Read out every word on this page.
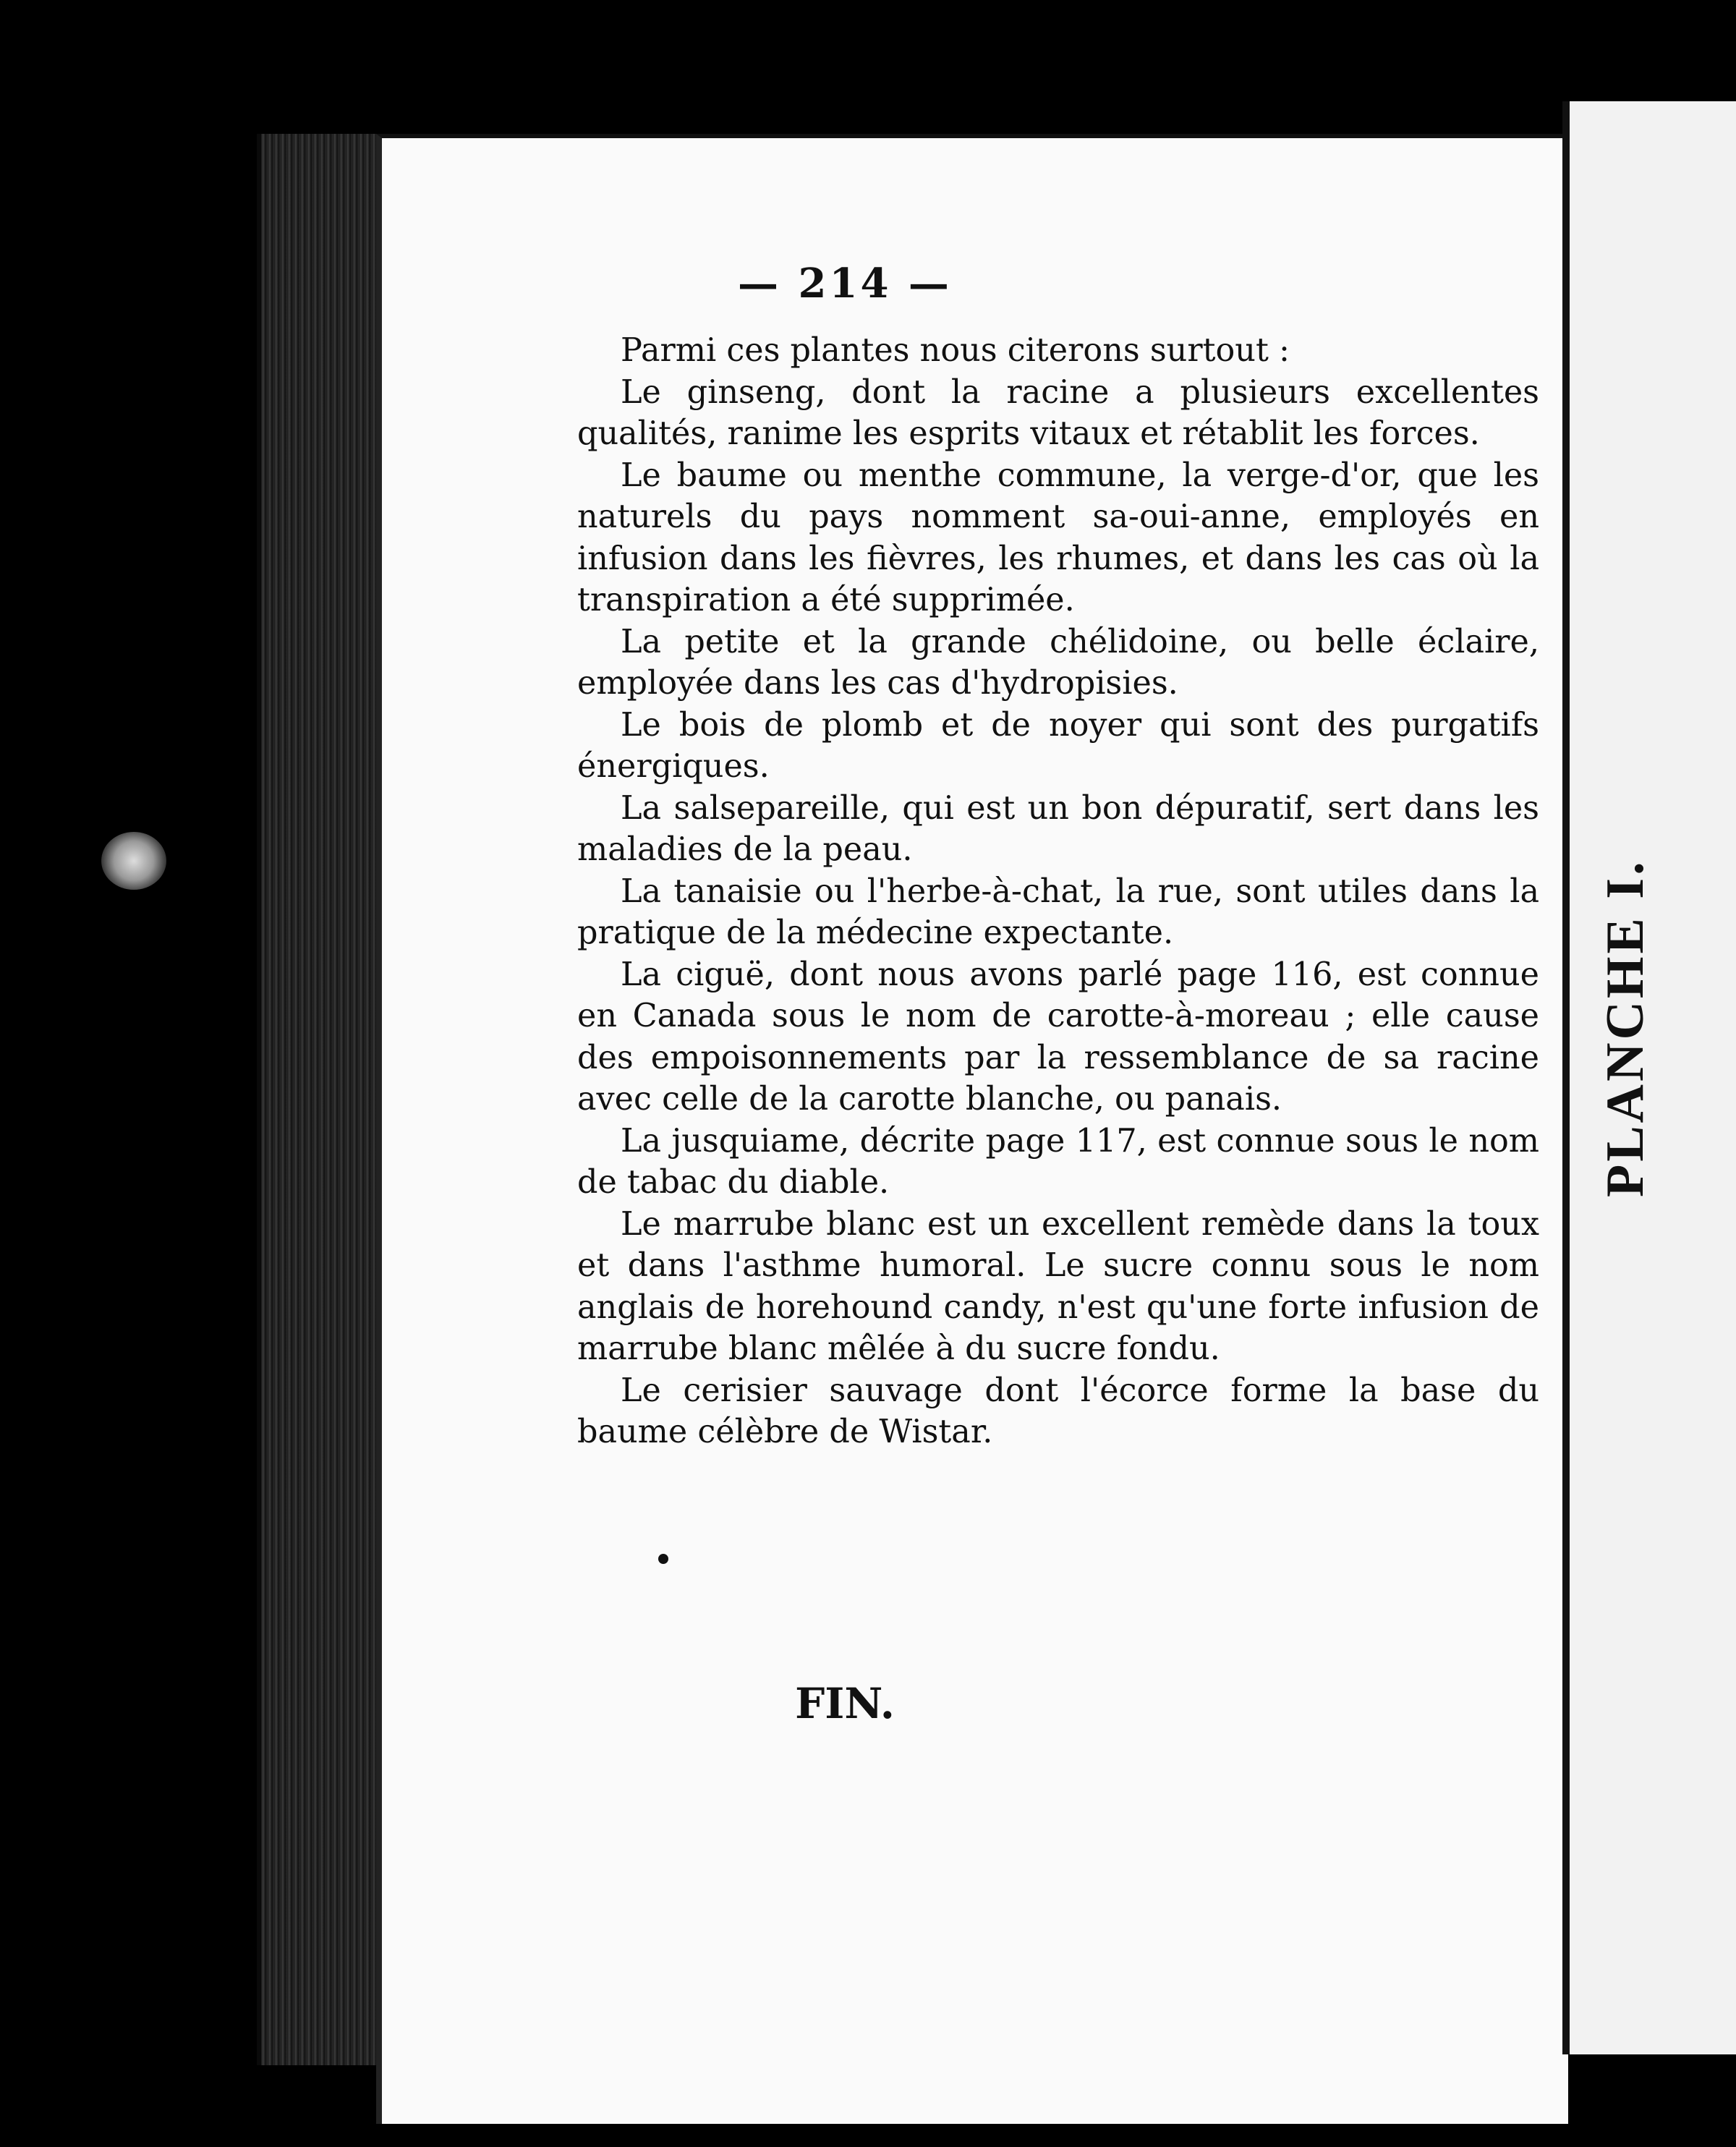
— 214 —

Parmi ces plantes nous citerons surtout :

Le ginseng, dont la racine a plusieurs excellentes qualités, ranime les esprits vitaux et rétablit les forces.

Le baume ou menthe commune, la verge-d'or, que les naturels du pays nomment sa-oui-anne, employés en infusion dans les fièvres, les rhumes, et dans les cas où la transpiration a été supprimée.

La petite et la grande chélidoine, ou belle éclaire, employée dans les cas d'hydropisies.

Le bois de plomb et de noyer qui sont des purgatifs énergiques.

La salsepareille, qui est un bon dépuratif, sert dans les maladies de la peau.

La tanaisie ou l'herbe-à-chat, la rue, sont utiles dans la pratique de la médecine expectante.

La ciguë, dont nous avons parlé page 116, est connue en Canada sous le nom de carotte-à-moreau ; elle cause des empoisonnements par la ressemblance de sa racine avec celle de la carotte blanche, ou panais.

La jusquiame, décrite page 117, est connue sous le nom de tabac du diable.

Le marrube blanc est un excellent remède dans la toux et dans l'asthme humoral. Le sucre connu sous le nom anglais de horehound candy, n'est qu'une forte infusion de marrube blanc mêlée à du sucre fondu.

Le cerisier sauvage dont l'écorce forme la base du baume célèbre de Wistar.

FIN.
PLANCHE I.
